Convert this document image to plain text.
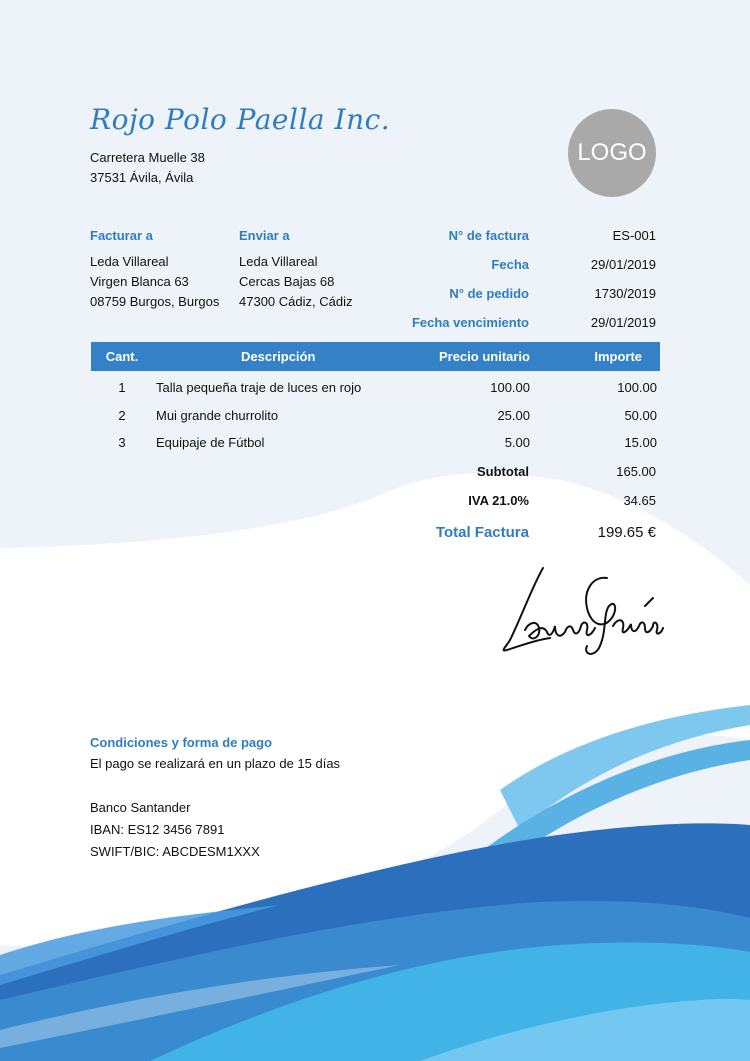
Rojo Polo Paella Inc.
Carretera Muelle 38
37531 Ávila, Ávila
LOGO
Facturar a
Leda Villareal
Virgen Blanca 63
08759 Burgos, Burgos
Enviar a
Leda Villareal
Cercas Bajas 68
47300 Cádiz, Cádiz
N° de factura	ES-001
Fecha	29/01/2019
N° de pedido	1730/2019
Fecha vencimiento	29/01/2019
Cant.	Descripción	Precio unitario	Importe
1	Talla pequeña traje de luces en rojo	100.00	100.00
2	Mui grande churrolito	25.00	50.00
3	Equipaje de Fútbol	5.00	15.00
Subtotal	165.00
IVA 21.0%	34.65
Total Factura	199.65 €
Condiciones y forma de pago
El pago se realizará en un plazo de 15 días
Banco Santander
IBAN: ES12 3456 7891
SWIFT/BIC: ABCDESM1XXX
